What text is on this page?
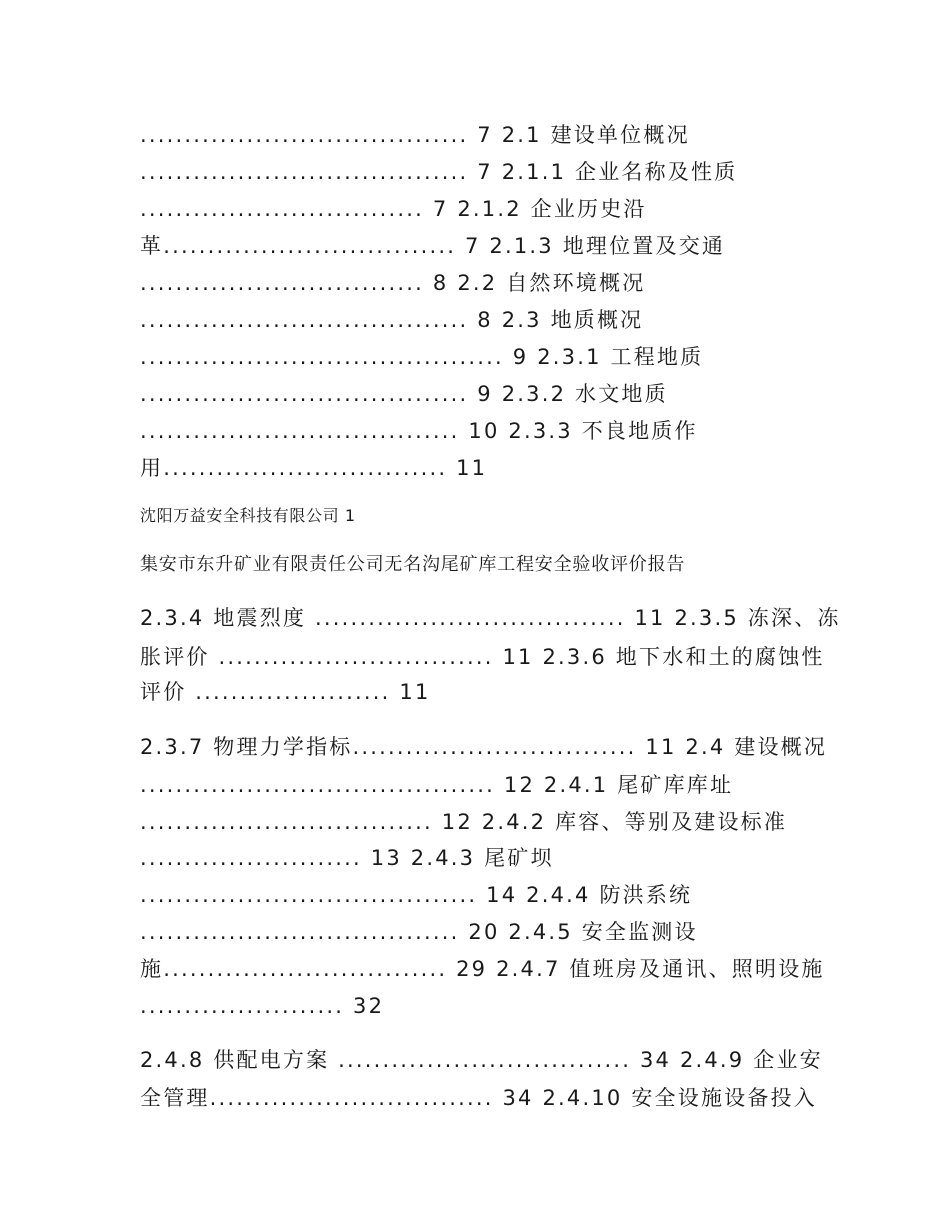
..................................... 7 2.1 建设单位概况
..................................... 7 2.1.1 企业名称及性质
................................ 7 2.1.2 企业历史沿
革................................. 7 2.1.3 地理位置及交通
................................ 8 2.2 自然环境概况
..................................... 8 2.3 地质概况
......................................... 9 2.3.1 工程地质
..................................... 9 2.3.2 水文地质
.................................... 10 2.3.3 不良地质作
用................................ 11
沈阳万益安全科技有限公司 1
集安市东升矿业有限责任公司无名沟尾矿库工程安全验收评价报告
2.3.4 地震烈度 ................................... 11 2.3.5 冻深、冻
胀评价 ............................... 11 2.3.6 地下水和土的腐蚀性
评价 ...................... 11
2.3.7 物理力学指标................................ 11 2.4 建设概况
........................................ 12 2.4.1 尾矿库库址
................................. 12 2.4.2 库容、等别及建设标准
......................... 13 2.4.3 尾矿坝
...................................... 14 2.4.4 防洪系统
.................................... 20 2.4.5 安全监测设
施................................ 29 2.4.7 值班房及通讯、照明设施
....................... 32
2.4.8 供配电方案 ................................. 34 2.4.9 企业安
全管理................................ 34 2.4.10 安全设施设备投入
